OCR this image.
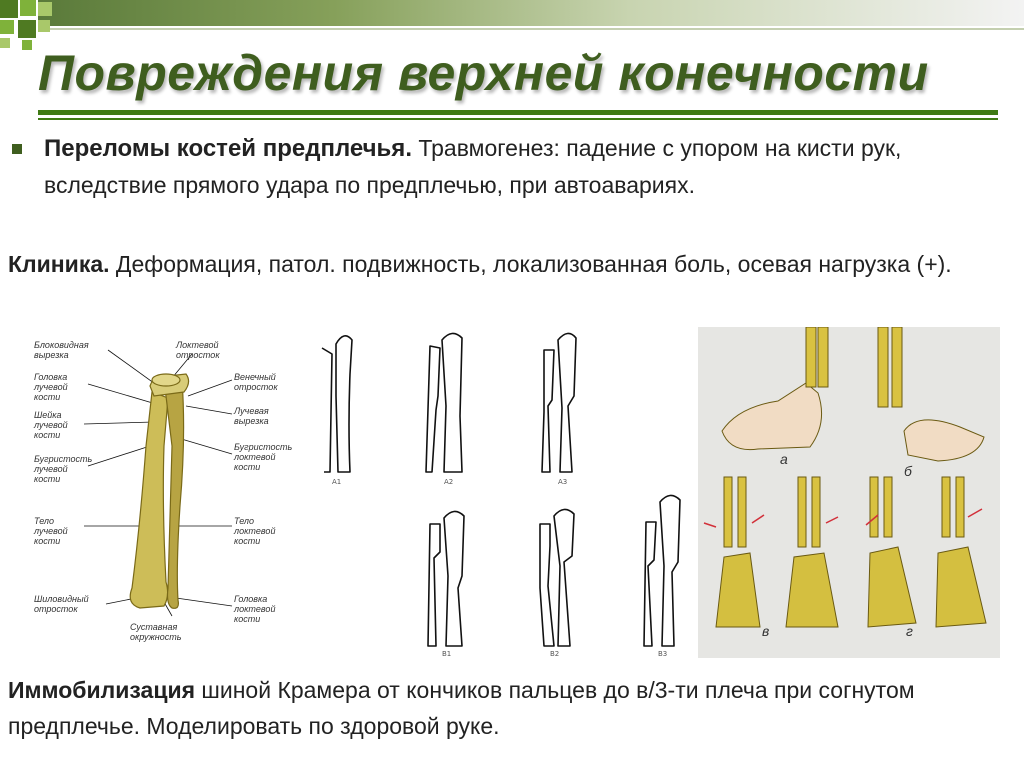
Повреждения верхней конечности
Переломы костей предплечья. Травмогенез: падение с упором на кисти рук, вследствие прямого удара по предплечью, при автоавариях.
Клиника. Деформация, патол. подвижность, локализованная боль, осевая нагрузка (+).
Блоковидная
вырезка
Головка
лучевой
кости
Шейка
лучевой
кости
Бугристость
лучевой
кости
Тело
лучевой
кости
Шиловидный
отросток
Локтевой
отросток
Венечный
отросток
Лучевая
вырезка
Бугристость
локтевой
кости
Тело
локтевой
кости
Головка
локтевой
кости
Суставная
окружность
A1	A2	A3
B1	B2	B3
а
б
в	г
Иммобилизация шиной Крамера от кончиков пальцев до в/3-ти плеча при согнутом предплечье. Моделировать по здоровой руке.
